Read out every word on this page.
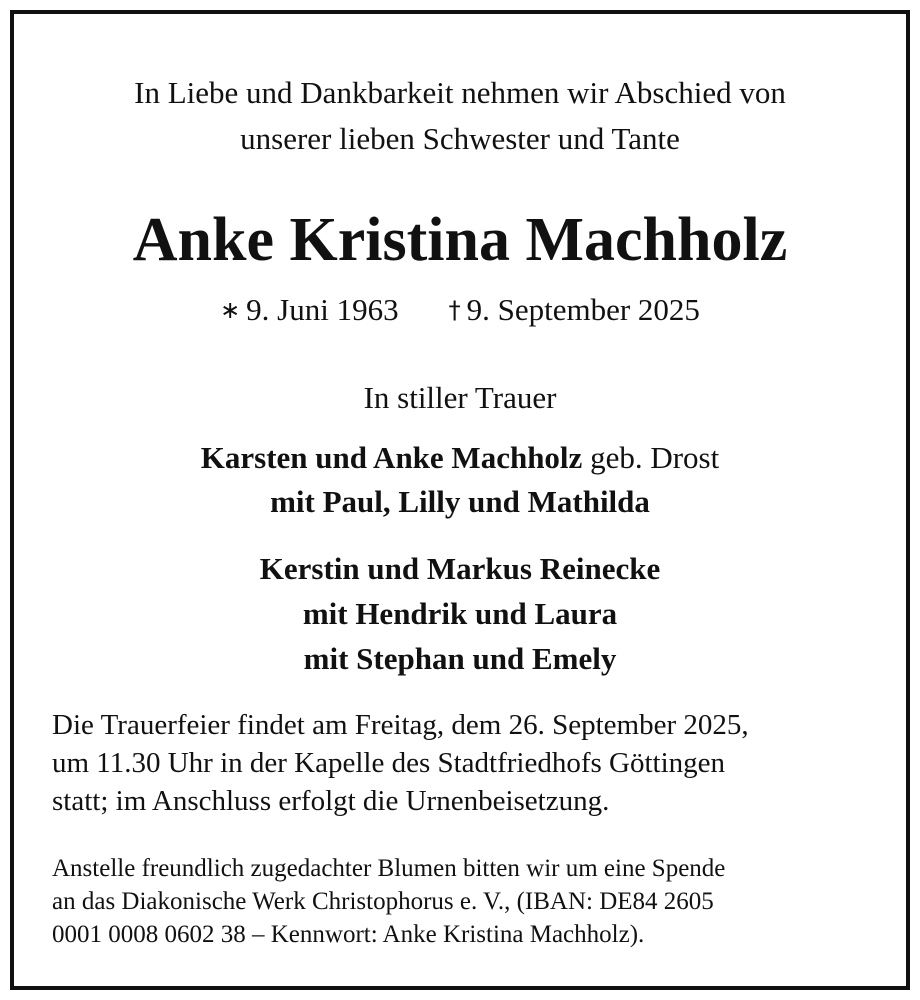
In Liebe und Dankbarkeit nehmen wir Abschied von
unserer lieben Schwester und Tante
Anke Kristina Machholz
∗ 9. Juni 1963 † 9. September 2025
In stiller Trauer
Karsten und Anke Machholz geb. Drost
mit Paul, Lilly und Mathilda
Kerstin und Markus Reinecke
mit Hendrik und Laura
mit Stephan und Emely
Die Trauerfeier findet am Freitag, dem 26. September 2025,
um 11.30 Uhr in der Kapelle des Stadtfriedhofs Göttingen
statt; im Anschluss erfolgt die Urnenbeisetzung.
Anstelle freundlich zugedachter Blumen bitten wir um eine Spende
an das Diakonische Werk Christophorus e. V., (IBAN: DE84 2605
0001 0008 0602 38 – Kennwort: Anke Kristina Machholz).
